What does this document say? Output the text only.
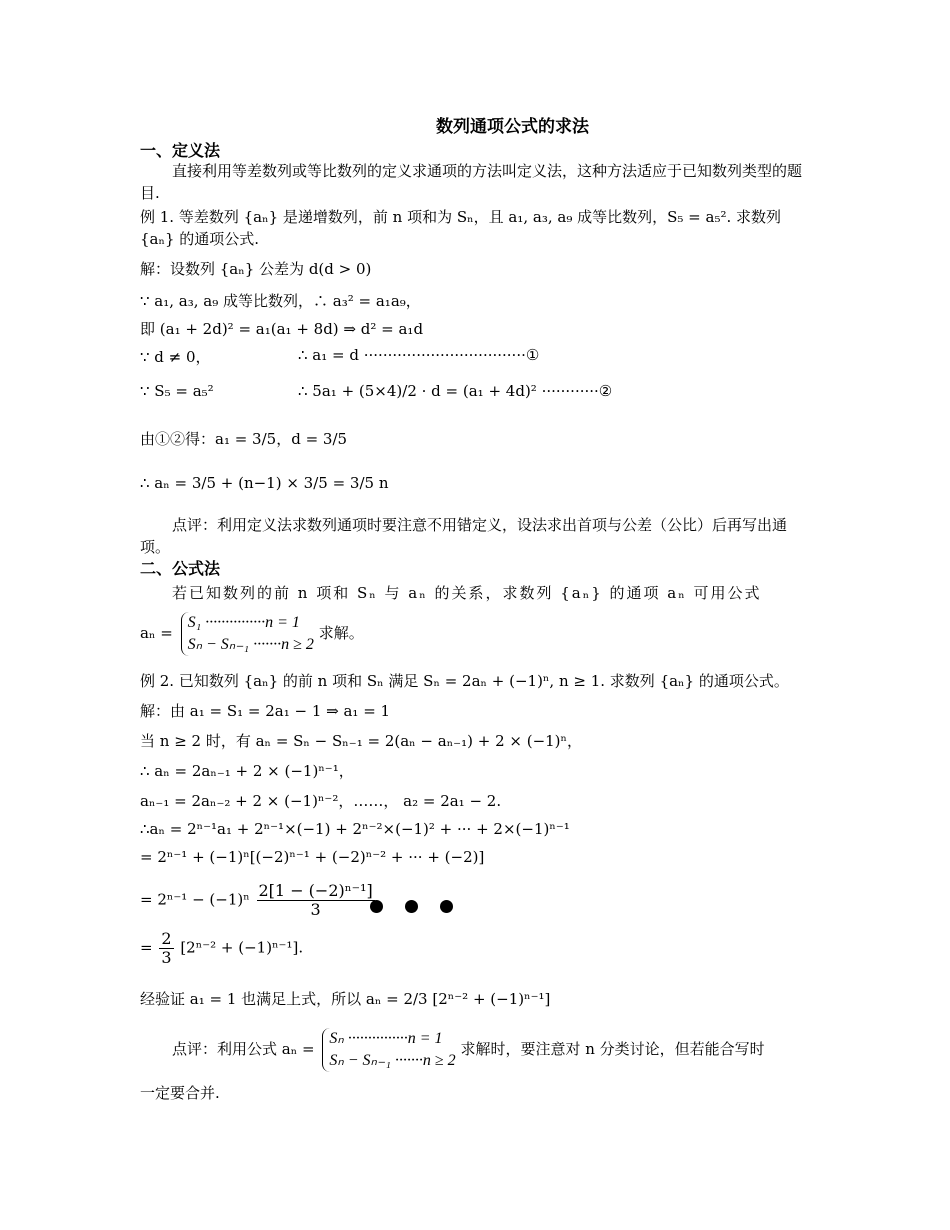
数列通项公式的求法
一、定义法
直接利用等差数列或等比数列的定义求通项的方法叫定义法，这种方法适应于已知数列类型的题目.
例 1. 等差数列 {aₙ} 是递增数列，前 n 项和为 Sₙ，且 a₁, a₃, a₉ 成等比数列，S₅ = a₅². 求数列 {aₙ} 的通项公式.
解：设数列 {aₙ} 公差为 d(d > 0)
∵ a₁, a₃, a₉ 成等比数列，∴ a₃² = a₁a₉，
即 (a₁ + 2d)² = a₁(a₁ + 8d) ⇒ d² = a₁d
∵ d ≠ 0，	∴ a₁ = d ··································①
∵ S₅ = a₅²	∴ 5a₁ + (5×4)/2 · d = (a₁ + 4d)² ············②
由①②得：a₁ = 3/5，d = 3/5
∴ aₙ = 3/5 + (n−1) × 3/5 = 3/5 n
点评：利用定义法求数列通项时要注意不用错定义，设法求出首项与公差（公比）后再写出通项。
二、公式法
若已知数列的前 n 项和 Sₙ 与 aₙ 的关系，求数列 {aₙ} 的通项 aₙ 可用公式
aₙ =
S₁ ···············n = 1
Sₙ − Sₙ₋₁ ·······n ≥ 2
求解。
例 2. 已知数列 {aₙ} 的前 n 项和 Sₙ 满足 Sₙ = 2aₙ + (−1)ⁿ, n ≥ 1. 求数列 {aₙ} 的通项公式。
解：由 a₁ = S₁ = 2a₁ − 1 ⇒ a₁ = 1
当 n ≥ 2 时，有 aₙ = Sₙ − Sₙ₋₁ = 2(aₙ − aₙ₋₁) + 2 × (−1)ⁿ，
∴ aₙ = 2aₙ₋₁ + 2 × (−1)ⁿ⁻¹，
aₙ₋₁ = 2aₙ₋₂ + 2 × (−1)ⁿ⁻²，……， a₂ = 2a₁ − 2.
∴aₙ = 2ⁿ⁻¹a₁ + 2ⁿ⁻¹×(−1) + 2ⁿ⁻²×(−1)² + ··· + 2×(−1)ⁿ⁻¹
= 2ⁿ⁻¹ + (−1)ⁿ[(−2)ⁿ⁻¹ + (−2)ⁿ⁻² + ··· + (−2)]
= $2^{n-1} - (-1)^n \frac{\text{2[1 − (−2)ⁿ⁻¹]}}{3}$
= $\frac{2}{3} [2^{n-2} + (-1)^{n-1}]$.
经验证 a₁ = 1 也满足上式，所以 aₙ = 2/3 [2ⁿ⁻² + (−1)ⁿ⁻¹]
点评：利用公式 aₙ =
Sₙ ···············n = 1
Sₙ − Sₙ₋₁ ·······n ≥ 2
求解时，要注意对 n 分类讨论，但若能合写时
一定要合并.
